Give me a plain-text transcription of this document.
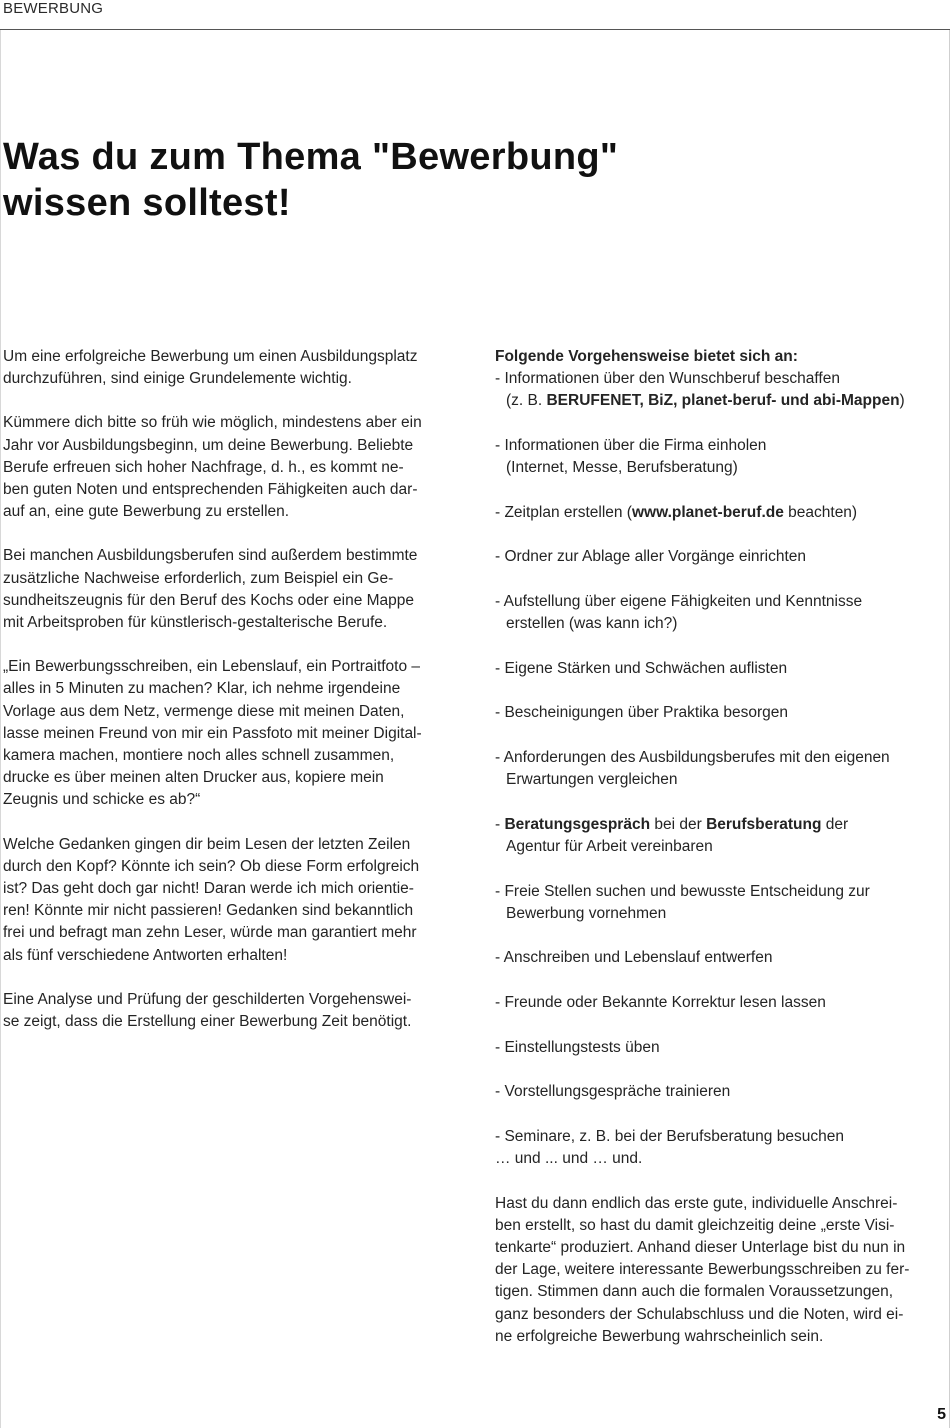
BEWERBUNG
Was du zum Thema "Bewerbung"
wissen solltest!

Um eine erfolgreiche Bewerbung um einen Ausbildungsplatz
durchzuführen, sind einige Grundelemente wichtig.

Kümmere dich bitte so früh wie möglich, mindestens aber ein
Jahr vor Ausbildungsbeginn, um deine Bewerbung. Beliebte
Berufe erfreuen sich hoher Nachfrage, d. h., es kommt ne-
ben guten Noten und entsprechenden Fähigkeiten auch dar-
auf an, eine gute Bewerbung zu erstellen.

Bei manchen Ausbildungsberufen sind außerdem bestimmte
zusätzliche Nachweise erforderlich, zum Beispiel ein Ge-
sundheitszeugnis für den Beruf des Kochs oder eine Mappe
mit Arbeitsproben für künstlerisch-gestalterische Berufe.

„Ein Bewerbungsschreiben, ein Lebenslauf, ein Portraitfoto –
alles in 5 Minuten zu machen? Klar, ich nehme irgendeine
Vorlage aus dem Netz, vermenge diese mit meinen Daten,
lasse meinen Freund von mir ein Passfoto mit meiner Digital-
kamera machen, montiere noch alles schnell zusammen,
drucke es über meinen alten Drucker aus, kopiere mein
Zeugnis und schicke es ab?“

Welche Gedanken gingen dir beim Lesen der letzten Zeilen
durch den Kopf? Könnte ich sein? Ob diese Form erfolgreich
ist? Das geht doch gar nicht! Daran werde ich mich orientie-
ren! Könnte mir nicht passieren! Gedanken sind bekanntlich
frei und befragt man zehn Leser, würde man garantiert mehr
als fünf verschiedene Antworten erhalten!

Eine Analyse und Prüfung der geschilderten Vorgehenswei-
se zeigt, dass die Erstellung einer Bewerbung Zeit benötigt.

Folgende Vorgehensweise bietet sich an:
- Informationen über den Wunschberuf beschaffen
(z. B. BERUFENET, BiZ, planet-beruf- und abi-Mappen)
- Informationen über die Firma einholen
(Internet, Messe, Berufsberatung)
- Zeitplan erstellen (www.planet-beruf.de beachten)
- Ordner zur Ablage aller Vorgänge einrichten
- Aufstellung über eigene Fähigkeiten und Kenntnisse
erstellen (was kann ich?)
- Eigene Stärken und Schwächen auflisten
- Bescheinigungen über Praktika besorgen
- Anforderungen des Ausbildungsberufes mit den eigenen
Erwartungen vergleichen
- Beratungsgespräch bei der Berufsberatung der
Agentur für Arbeit vereinbaren
- Freie Stellen suchen und bewusste Entscheidung zur
Bewerbung vornehmen
- Anschreiben und Lebenslauf entwerfen
- Freunde oder Bekannte Korrektur lesen lassen
- Einstellungstests üben
- Vorstellungsgespräche trainieren
- Seminare, z. B. bei der Berufsberatung besuchen
… und ... und … und.

Hast du dann endlich das erste gute, individuelle Anschrei-
ben erstellt, so hast du damit gleichzeitig deine „erste Visi-
tenkarte“ produziert. Anhand dieser Unterlage bist du nun in
der Lage, weitere interessante Bewerbungsschreiben zu fer-
tigen. Stimmen dann auch die formalen Voraussetzungen,
ganz besonders der Schulabschluss und die Noten, wird ei-
ne erfolgreiche Bewerbung wahrscheinlich sein.

5
